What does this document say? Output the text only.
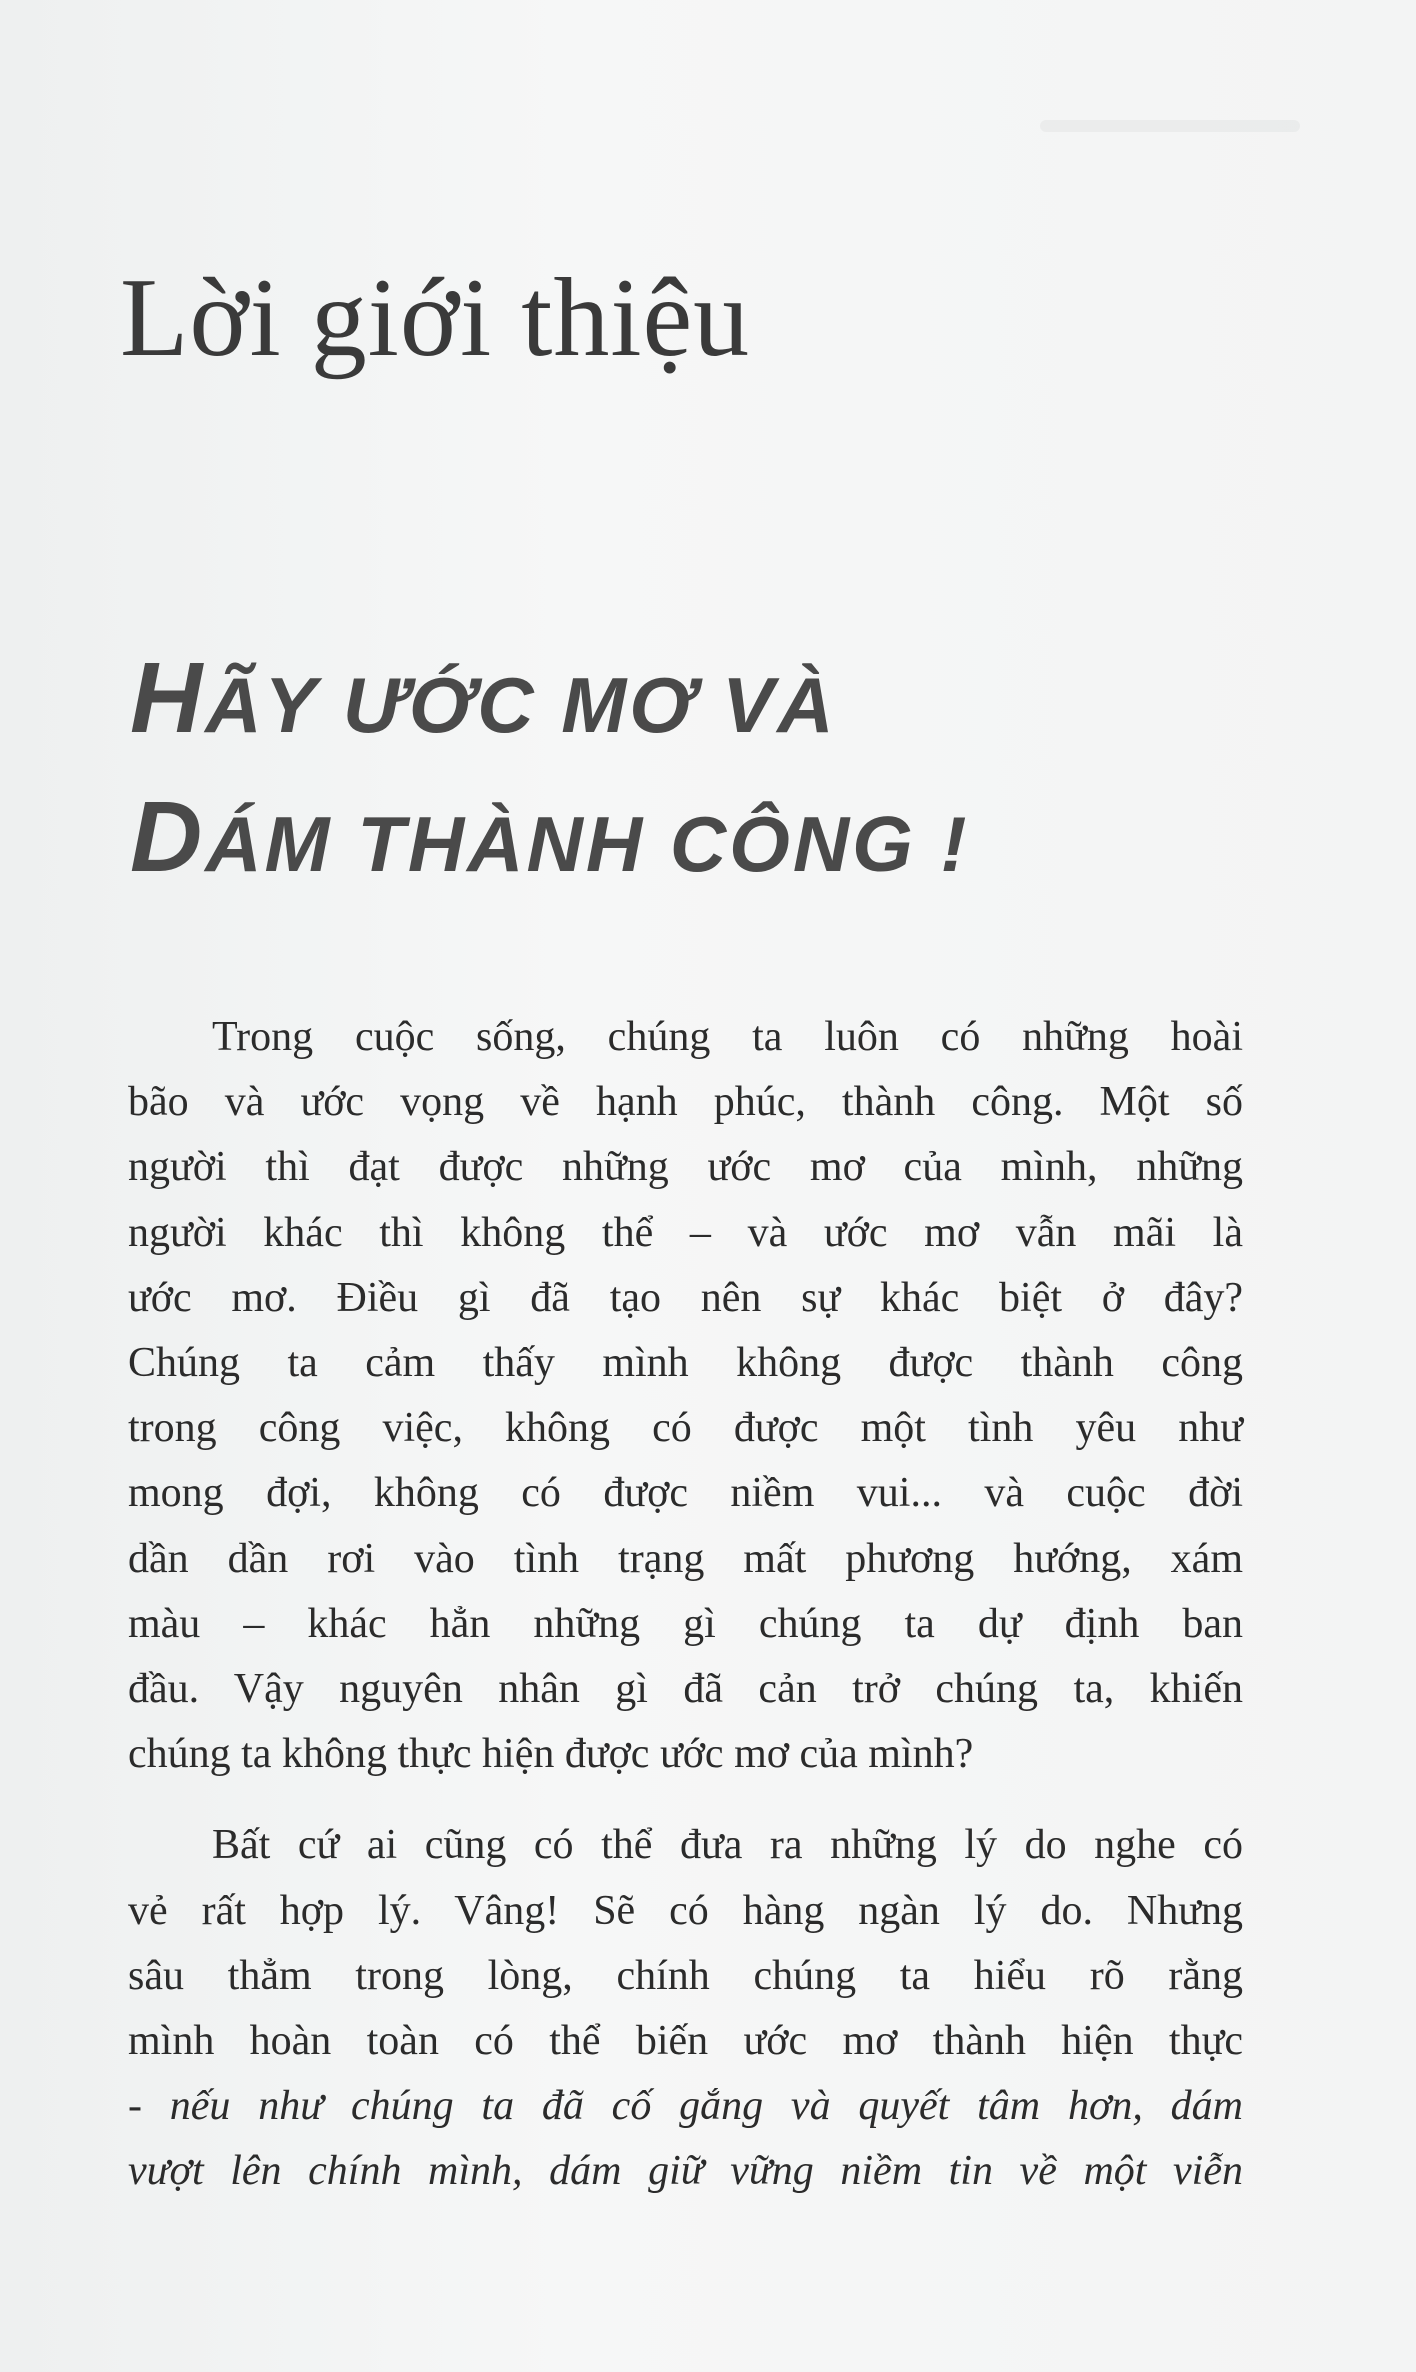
Lời giới thiệu
HÃY ƯỚC MƠ VÀ
DÁM THÀNH CÔNG !

Trong cuộc sống, chúng ta luôn có những hoài
bão và ước vọng về hạnh phúc, thành công. Một số
người thì đạt được những ước mơ của mình, những
người khác thì không thể – và ước mơ vẫn mãi là
ước mơ. Điều gì đã tạo nên sự khác biệt ở đây?
Chúng ta cảm thấy mình không được thành công
trong công việc, không có được một tình yêu như
mong đợi, không có được niềm vui... và cuộc đời
dần dần rơi vào tình trạng mất phương hướng, xám
màu – khác hẳn những gì chúng ta dự định ban
đầu. Vậy nguyên nhân gì đã cản trở chúng ta, khiến
chúng ta không thực hiện được ước mơ của mình?

Bất cứ ai cũng có thể đưa ra những lý do nghe có
vẻ rất hợp lý. Vâng! Sẽ có hàng ngàn lý do. Nhưng
sâu thẳm trong lòng, chính chúng ta hiểu rõ rằng
mình hoàn toàn có thể biến ước mơ thành hiện thực
- nếu như chúng ta đã cố gắng và quyết tâm hơn, dám
vượt lên chính mình, dám giữ vững niềm tin về một viễn
